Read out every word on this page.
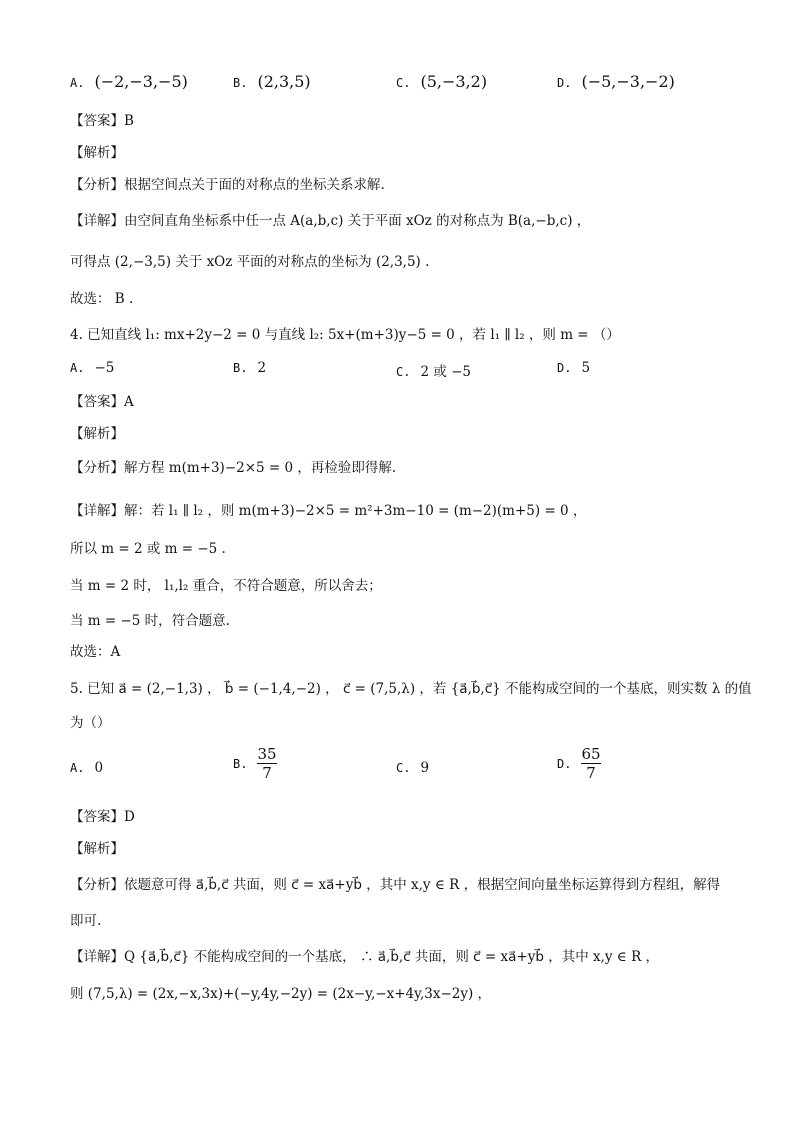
A. (−2,−3,−5)	B. (2,3,5)	C. (5,−3,2)	D. (−5,−3,−2)
【答案】B
【解析】
【分析】根据空间点关于面的对称点的坐标关系求解.
【详解】由空间直角坐标系中任一点 A(a,b,c) 关于平面 xOz 的对称点为 B(a,−b,c) ，
可得点 (2,−3,5) 关于 xOz 平面的对称点的坐标为 (2,3,5) .
故选： B .
4. 已知直线 l₁: mx+2y−2 = 0 与直线 l₂: 5x+(m+3)y−5 = 0 ，若 l₁ ∥ l₂ ，则 m = （）
A. −5	B. 2	C. 2 或 −5	D. 5
【答案】A
【解析】
【分析】解方程 m(m+3)−2×5 = 0 ，再检验即得解.
【详解】解：若 l₁ ∥ l₂ ，则 m(m+3)−2×5 = m²+3m−10 = (m−2)(m+5) = 0 ，
所以 m = 2 或 m = −5 .
当 m = 2 时， l₁,l₂ 重合，不符合题意，所以舍去；
当 m = −5 时，符合题意.
故选：A
5. 已知 a⃗ = (2,−1,3) ， b⃗ = (−1,4,−2) ， c⃗ = (7,5,λ) ，若 {a⃗,b⃗,c⃗} 不能构成空间的一个基底，则实数 λ 的值
为（）
A. 0	B. $\frac{35}{7}$	C. 9	D. $\frac{65}{7}$
【答案】D
【解析】
【分析】依题意可得 a⃗,b⃗,c⃗ 共面，则 c⃗ = xa⃗+yb⃗ ，其中 x,y ∈ R ，根据空间向量坐标运算得到方程组，解得
即可.
【详解】Q {a⃗,b⃗,c⃗} 不能构成空间的一个基底， ∴ a⃗,b⃗,c⃗ 共面，则 c⃗ = xa⃗+yb⃗ ，其中 x,y ∈ R ，
则 (7,5,λ) = (2x,−x,3x)+(−y,4y,−2y) = (2x−y,−x+4y,3x−2y) ，
